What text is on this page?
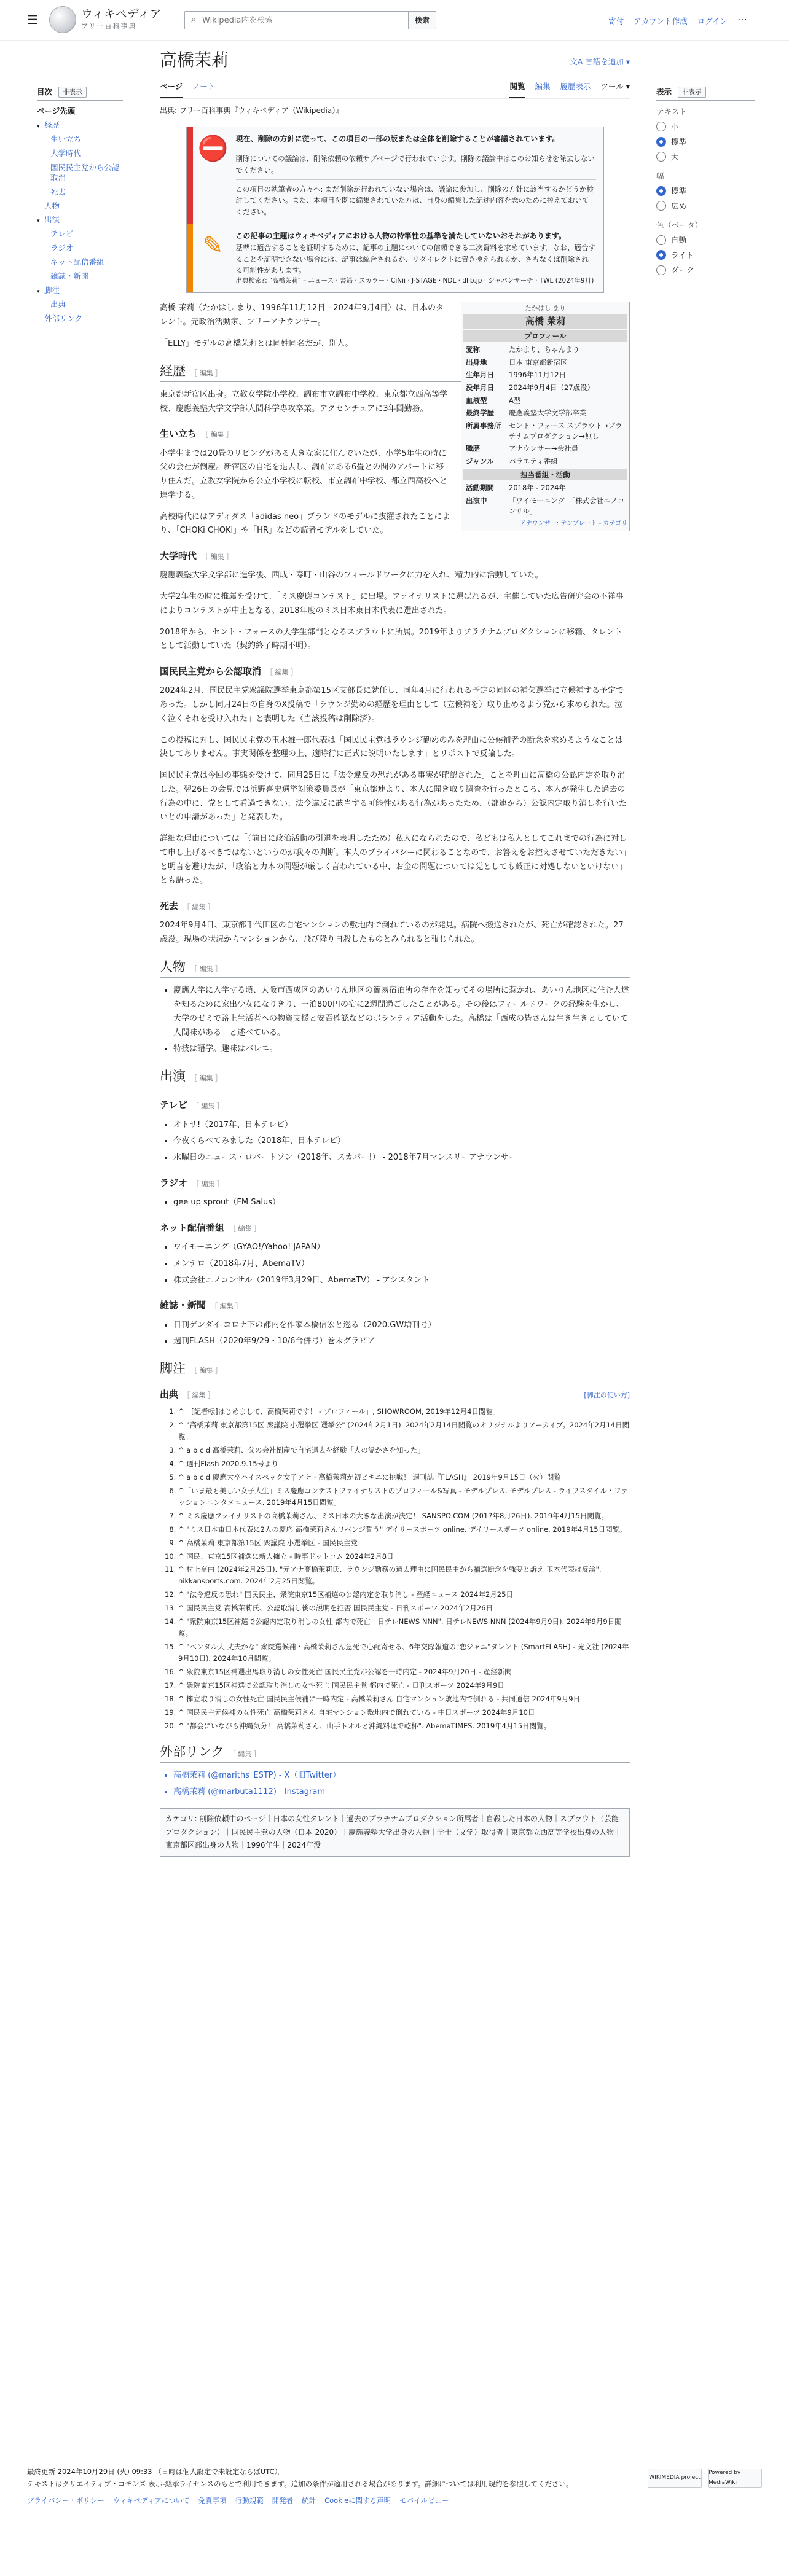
☰	ウィキペディア
フリー百科事典
⌕
Wikipedia内を検索	検索	寄付 アカウント作成 ログイン ⋯
目次	非表示
ページ先頭
▾ 経歴
生い立ち
大学時代
国民民主党から公認取消
死去
人物
▾ 出演
テレビ
ラジオ
ネット配信番組
雑誌・新聞
▾ 脚注
出典
外部リンク
高橋茉莉	文A 言語を追加 ▾
ページ ノート	閲覧 編集 履歴表示 ツール ▾
出典: フリー百科事典『ウィキペディア（Wikipedia）』
⛔ 現在、削除の方針に従って、この項目の一部の版または全体を削除することが審議されています。
削除についての議論は、削除依頼の依頼サブページで行われています。削除の議論中はこのお知らせを除去しないでください。
この項目の執筆者の方々へ: まだ削除が行われていない場合は、議論に参加し、削除の方針に該当するかどうか検討してください。また、本項目を既に編集されていた方は、自身の編集した記述内容を念のために控えておいてください。
✎	この記事の主題はウィキペディアにおける人物の特筆性の基準を満たしていないおそれがあります。
基準に適合することを証明するために、記事の主題についての信頼できる二次資料を求めています。なお、適合することを証明できない場合には、記事は統合されるか、リダイレクトに置き換えられるか、さもなくば削除される可能性があります。
出典検索?: "高橋茉莉" – ニュース · 書籍 · スカラー · CiNii · J-STAGE · NDL · dlib.jp · ジャパンサーチ · TWL (2024年9月)
たかはし まり
高橋 茉莉
プロフィール
愛称	たかまり、ちゃんまり
出身地	日本 東京都新宿区
生年月日	1996年11月12日
没年月日	2024年9月4日（27歳没）
血液型	A型
最終学歴	慶應義塾大学文学部卒業
所属事務所	セント・フォース スプラウト→プラチナムプロダクション→無し
職歴	アナウンサー→会社員
ジャンル	バラエティ番組
担当番組・活動
活動期間	2018年 - 2024年
出演中	「ワイモーニング」「株式会社ニノコンサル」
アナウンサー: テンプレート - カテゴリ

高橋 茉莉（たかはし まり、1996年11月12日 - 2024年9月4日）は、日本のタレント。元政治活動家、フリーアナウンサー。

「ELLY」モデルの高橋茉莉とは同姓同名だが、別人。

経歴 ［ 編集 ］

東京都新宿区出身。立教女学院小学校、調布市立調布中学校、東京都立西高等学校、慶應義塾大学文学部人間科学専攻卒業。アクセンチュアに3年間勤務。

生い立ち ［ 編集 ］

小学生までは20畳のリビングがある大きな家に住んでいたが、小学5年生の時に父の会社が倒産。新宿区の自宅を退去し、調布にある6畳との間のアパートに移り住んだ。立教女学院から公立小学校に転校、市立調布中学校、都立西高校へと進学する。

高校時代にはアディダス「adidas neo」ブランドのモデルに抜擢されたことにより、「CHOKi CHOKi」や「HR」などの読者モデルをしていた。

大学時代 ［ 編集 ］

慶應義塾大学文学部に進学後、西成・寿町・山谷のフィールドワークに力を入れ、精力的に活動していた。

大学2年生の時に推薦を受けて、「ミス慶應コンテスト」に出場。ファイナリストに選ばれるが、主催していた広告研究会の不祥事によりコンテストが中止となる。2018年度のミス日本東日本代表に選出された。

2018年から、セント・フォースの大学生部門となるスプラウトに所属。2019年よりプラチナムプロダクションに移籍、タレントとして活動していた（契約終了時期不明）。

国民民主党から公認取消 ［ 編集 ］

2024年2月、国民民主党衆議院選挙東京都第15区支部長に就任し、同年4月に行われる予定の同区の補欠選挙に立候補する予定であった。しかし同月24日の自身のX投稿で「ラウンジ勤めの経歴を理由として（立候補を）取り止めるよう党から求められた。泣く泣くそれを受け入れた」と表明した（当該投稿は削除済）。

この投稿に対し、国民民主党の玉木雄一郎代表は「国民民主党はラウンジ勤めのみを理由に公候補者の断念を求めるようなことは決してありません。事実関係を整理の上、適時行に正式に説明いたします」とリポストで反論した。

国民民主党は今回の事態を受けて、同月25日に「法令違反の恐れがある事実が確認された」ことを理由に高橋の公認内定を取り消した。翌26日の会見では浜野喜史選挙対策委員長が「東京都連より、本人に聞き取り調査を行ったところ、本人が発生した過去の行為の中に、党として看過できない、法令違反に該当する可能性がある行為があったため、（都連から）公認内定取り消しを行いたいとの申請があった」と発表した。

詳細な理由については「（前日に政治活動の引退を表明したため）私人になられたので、私どもは私人としてこれまでの行為に対して申し上げるべきではないというのが我々の判断。本人のプライバシーに関わることなので、お答えをお控えさせていただきたい」と明言を避けたが、「政治と力本の問題が厳しく言われている中、お金の問題については党としても厳正に対処しないといけない」とも語った。

死去 ［ 編集 ］

2024年9月4日、東京都千代田区の自宅マンションの敷地内で倒れているのが発見。病院へ搬送されたが、死亡が確認された。27歳没。現場の状況からマンションから、飛び降り自殺したものとみられると報じられた。

人物 ［ 編集 ］
• 慶應大学に入学する頃、大阪市西成区のあいりん地区の簡易宿泊所の存在を知ってその場所に惹かれ、あいりん地区に住む人達を知るために家出少女になりきり、一泊800円の宿に2週間過ごしたことがある。その後はフィールドワークの経験を生かし、大学のゼミで路上生活者への物資支援と安否確認などのボランティア活動をした。高橋は「西成の皆さんは生き生きとしていて人間味がある」と述べている。
• 特技は語学。趣味はバレエ。
出演 ［ 編集 ］
テレビ ［ 編集 ］
• オトサ!（2017年、日本テレビ）
• 今夜くらべてみました（2018年、日本テレビ）
• 水曜日のニュース・ロバートソン（2018年、スカパー!） - 2018年7月マンスリーアナウンサー
ラジオ ［ 編集 ］
• gee up sprout（FM Salus）
ネット配信番組 ［ 編集 ］
• ワイモーニング（GYAO!/Yahoo! JAPAN）
• メンテロ（2018年7月、AbemaTV）
• 株式会社ニノコンサル（2019年3月29日、AbemaTV） - アシスタント
雑誌・新聞 ［ 編集 ］
• 日刊ゲンダイ コロナ下の都内を作家本橋信宏と巡る（2020.GW増刊号）
• 週刊FLASH（2020年9/29・10/6合併号）巻末グラビア
脚注 ［ 編集 ］
出典 ［ 編集 ］	[脚注の使い方]
1. ^「[記者転]はじめまして、高橋茉莉です！ - プロフィール」, SHOWROOM, 2019年12月4日閲覧。
2. ^ "高橋茉莉 東京都第15区 衆議院 小選挙区 選挙公" (2024年2月1日). 2024年2月14日閲覧のオリジナルよりアーカイブ。2024年2月14日閲覧。
3. ^ a b c d 高橋茉莉、父の会社倒産で自宅退去を経験「人の温かさを知った」
4. ^ 週刊Flash 2020.9.15号より
5. ^ a b c d 慶應大卒ハイスペック女子アナ・高橋茉莉が初ビキニに挑戦！ 週刊誌『FLASH』 2019年9月15日（火）閲覧
6. ^「いま最も美しい女子大生」ミス慶應コンテストファイナリストのプロフィール&写真 - モデルプレス. モデルプレス - ライフスタイル・ファッションエンタメニュース. 2019年4月15日閲覧。
7. ^ ミス慶應ファイナリストの高橋茉莉さん、ミス日本の大きな出演が決定！ SANSPO.COM (2017年8月26日). 2019年4月15日閲覧。
8. ^ "ミス日本東日本代表に2人の慶応 高橋茉莉さんリベンジ誓う" デイリースポーツ online. デイリースポーツ online. 2019年4月15日閲覧。
9. ^ 高橋茉莉 東京都第15区 衆議院 小選挙区 - 国民民主党
10. ^ 国民、東京15区補選に新人擁立 - 時事ドットコム 2024年2月8日
11. ^ 村上奈由 (2024年2月25日). "元アナ高橋茉莉氏、ラウンジ勤務の過去理由に国民民主から補選断念を強要と訴え 玉木代表は反論". nikkansports.com. 2024年2月25日閲覧。
12. ^ "法令違反の恐れ" 国民民主、衆院東京15区補選の公認内定を取り消し - 産経ニュース 2024年2月25日
13. ^ 国民民主党 高橋茉莉氏、公認取消し後の説明を拒否 国民民主党 - 日刊スポーツ 2024年2月26日
14. ^ "衆院東京15区補選で公認内定取り消しの女性 都内で死亡｜日テレNEWS NNN". 日テレNEWS NNN (2024年9月9日). 2024年9月9日閲覧。
15. ^ "ベンタル大 丈夫かな" 衆院選候補・高橋茉莉さん急死で心配寄せる、6年交際報道の"恋ジャニ"タレント (SmartFLASH) - 光文社 (2024年9月10日). 2024年10月閲覧。
16. ^ 衆院東京15区補選出馬取り消しの女性死亡 国民民主党が公認を一時内定 - 2024年9月20日 - 産経新聞
17. ^ 衆院東京15区補選で公認取り消しの女性死亡 国民民主党 都内で死亡 - 日刊スポーツ 2024年9月9日
18. ^ 擁立取り消しの女性死亡 国民民主候補に一時内定 - 高橋茉莉さん 自宅マンション敷地内で倒れる - 共同通信 2024年9月9日
19. ^ 国民民主元候補の女性死亡 高橋茉莉さん 自宅マンション敷地内で倒れている - 中日スポーツ 2024年9月10日
20. ^ "都会にいながら沖縄気分！ 高橋茉莉さん、山手トオルと沖縄料理で乾杯". AbemaTIMES. 2019年4月15日閲覧。
外部リンク ［ 編集 ］
• 高橋茉莉 (@mariths_ESTP) - X（旧Twitter）
• 高橋茉莉 (@marbuta1112) - Instagram
カテゴリ: 削除依頼中のページ｜日本の女性タレント｜過去のプラチナムプロダクション所属者｜自殺した日本の人物｜スプラウト（芸能プロダクション）｜国民民主党の人物（日本 2020）｜慶應義塾大学出身の人物｜学士（文学）取得者｜東京都立西高等学校出身の人物｜東京都区部出身の人物｜1996年生｜2024年没
表示	非表示
テキスト
小
標準
大
幅
標準
広め
色（ベータ）
自動
ライト
ダーク
最終更新 2024年10月29日 (火) 09:33 （日時は個人設定で未設定ならばUTC）。
テキストはクリエイティブ・コモンズ 表示-継承ライセンスのもとで利用できます。追加の条件が適用される場合があります。詳細については利用規約を参照してください。
プライバシー・ポリシー ウィキペディアについて 免責事項 行動規範 開発者 統計 Cookieに関する声明 モバイルビュー
WIKIMEDIA project
Powered by MediaWiki
